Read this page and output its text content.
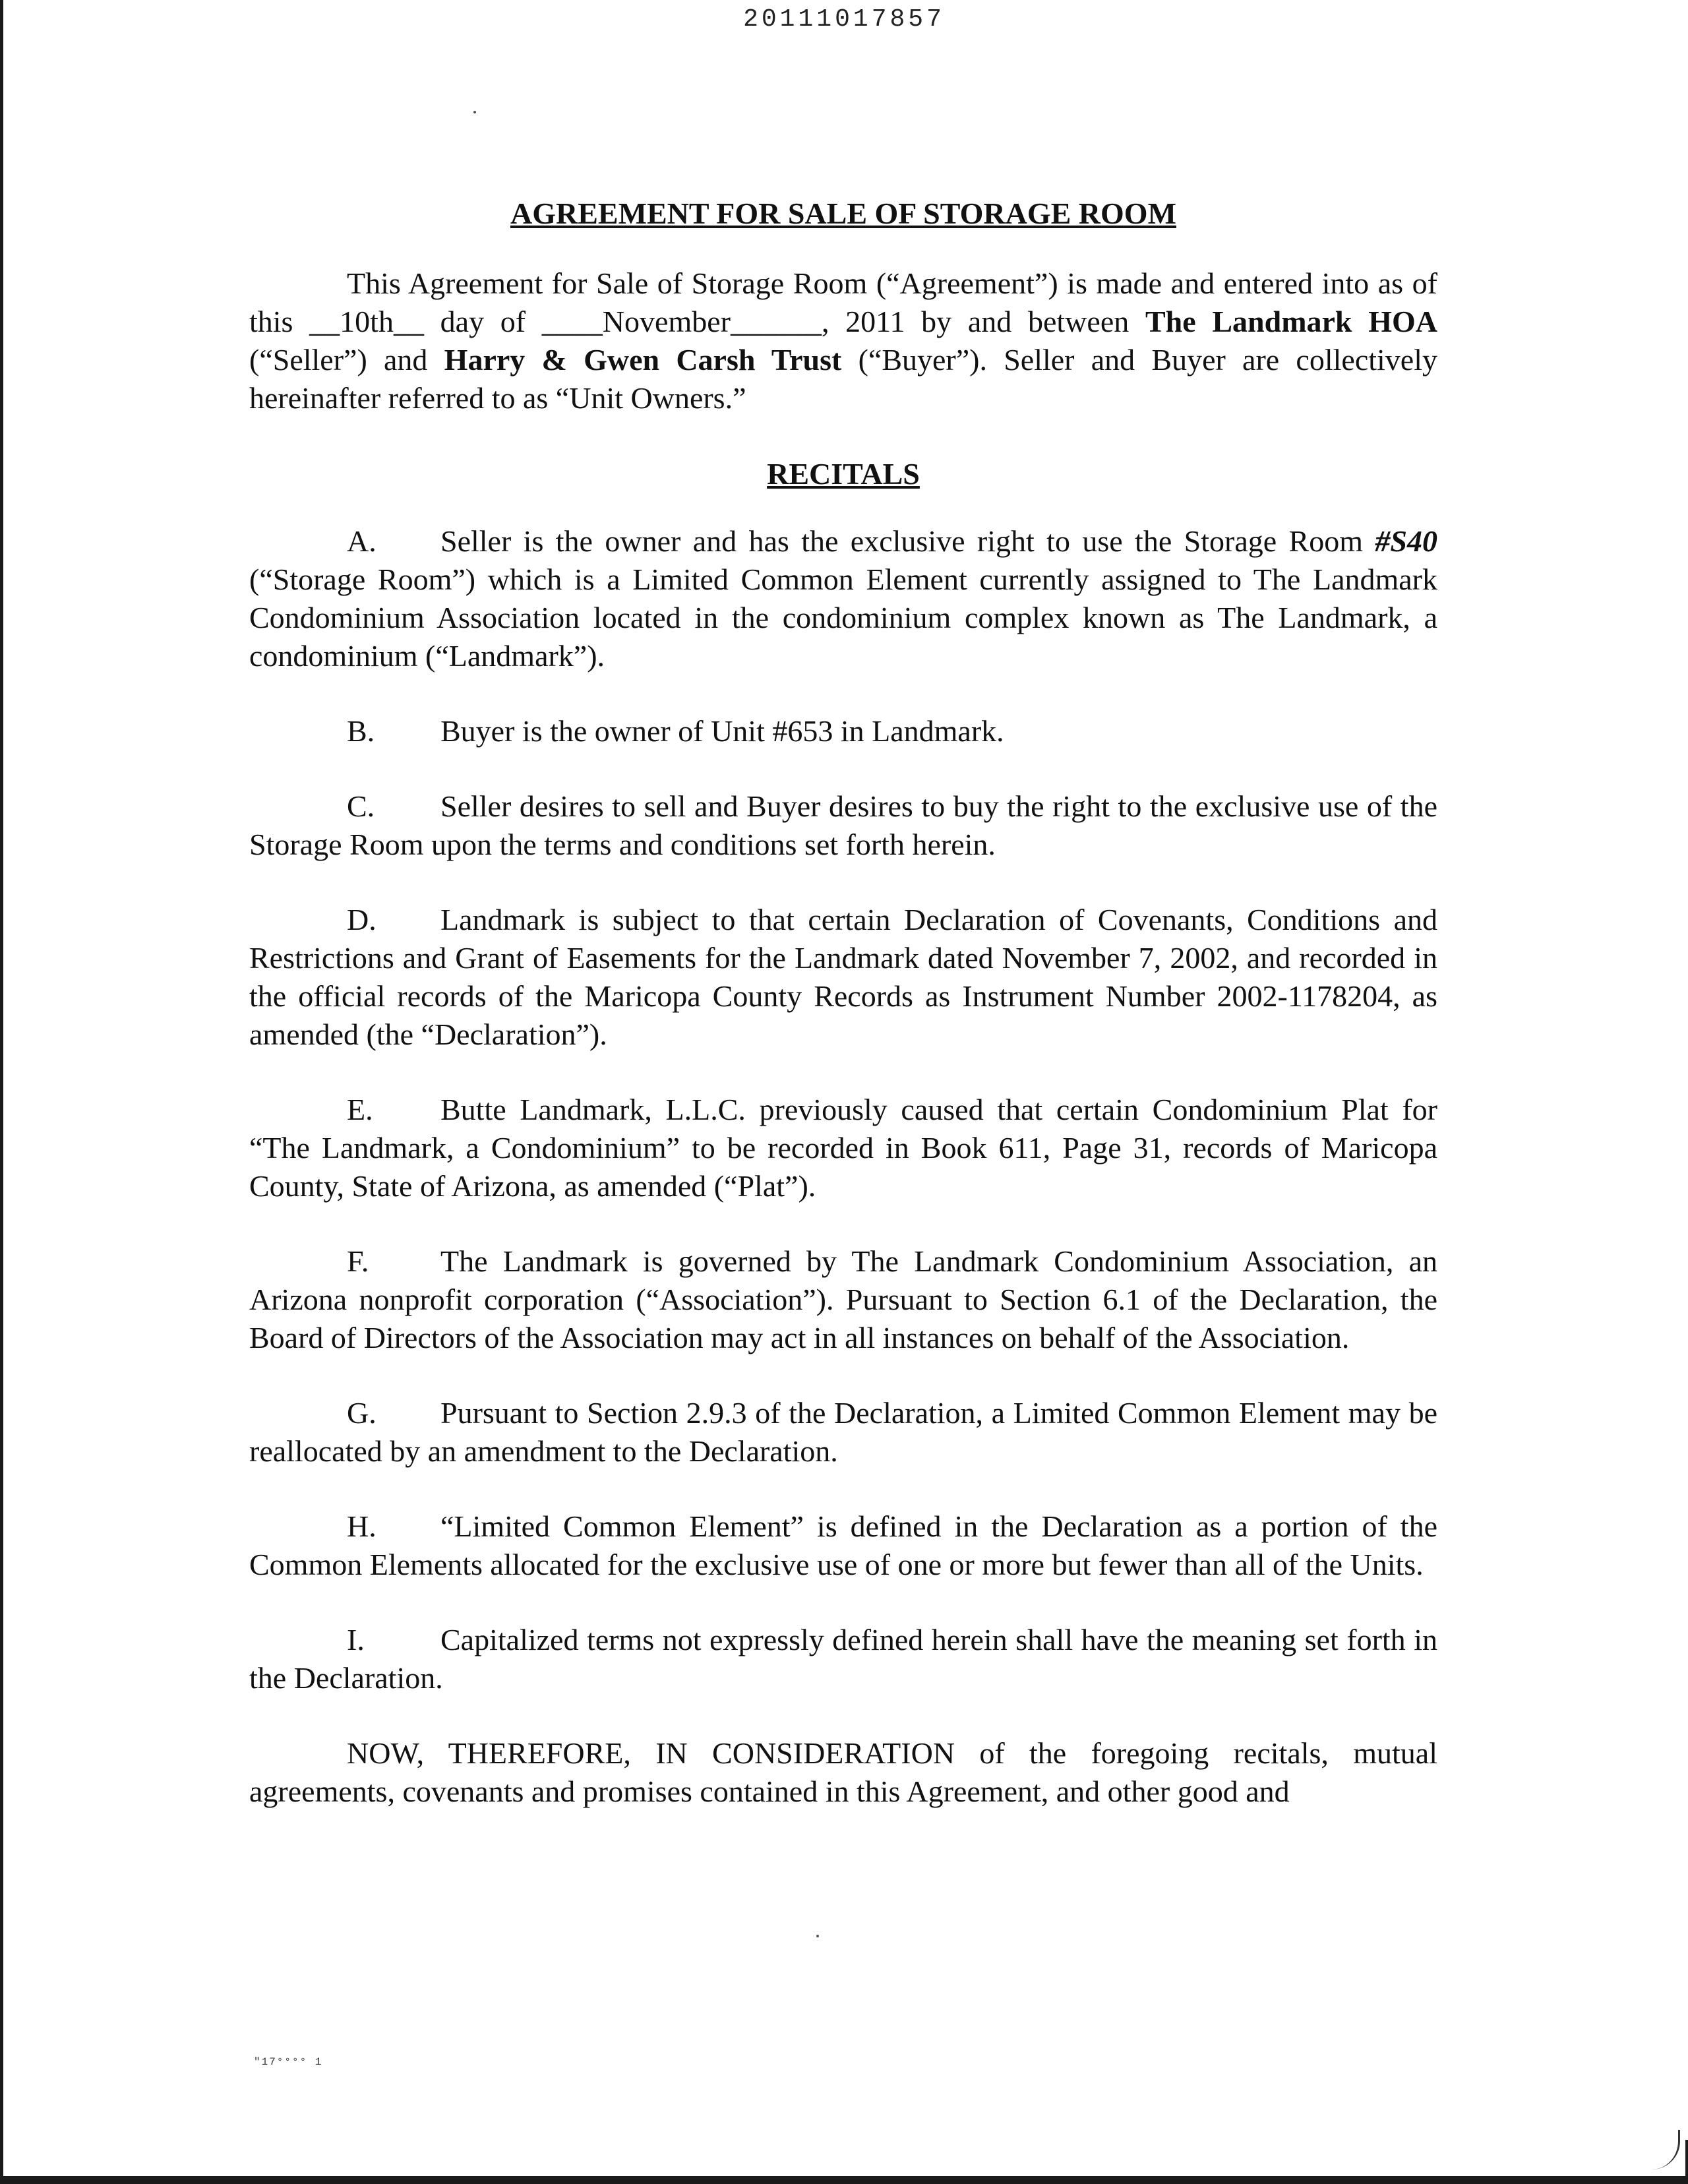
20111017857
AGREEMENT FOR SALE OF STORAGE ROOM

This Agreement for Sale of Storage Room (“Agreement”) is made and entered into as of this __10th__ day of ____November______, 2011 by and between The Landmark HOA (“Seller”) and Harry & Gwen Carsh Trust (“Buyer”). Seller and Buyer are collectively hereinafter referred to as “Unit Owners.”

RECITALS

A. Seller is the owner and has the exclusive right to use the Storage Room #S40 (“Storage Room”) which is a Limited Common Element currently assigned to The Landmark Condominium Association located in the condominium complex known as The Landmark, a condominium (“Landmark”).

B. Buyer is the owner of Unit #653 in Landmark.

C. Seller desires to sell and Buyer desires to buy the right to the exclusive use of the Storage Room upon the terms and conditions set forth herein.

D. Landmark is subject to that certain Declaration of Covenants, Conditions and Restrictions and Grant of Easements for the Landmark dated November 7, 2002, and recorded in the official records of the Maricopa County Records as Instrument Number 2002-1178204, as amended (the “Declaration”).

E. Butte Landmark, L.L.C. previously caused that certain Condominium Plat for “The Landmark, a Condominium” to be recorded in Book 611, Page 31, records of Maricopa County, State of Arizona, as amended (“Plat”).

F. The Landmark is governed by The Landmark Condominium Association, an Arizona nonprofit corporation (“Association”). Pursuant to Section 6.1 of the Declaration, the Board of Directors of the Association may act in all instances on behalf of the Association.

G. Pursuant to Section 2.9.3 of the Declaration, a Limited Common Element may be reallocated by an amendment to the Declaration.

H. “Limited Common Element” is defined in the Declaration as a portion of the Common Elements allocated for the exclusive use of one or more but fewer than all of the Units.

I.	Capitalized terms not expressly defined herein shall have the meaning set forth in the Declaration.

NOW, THEREFORE, IN CONSIDERATION of the foregoing recitals, mutual agreements, covenants and promises contained in this Agreement, and other good and

"17°°°° 1
